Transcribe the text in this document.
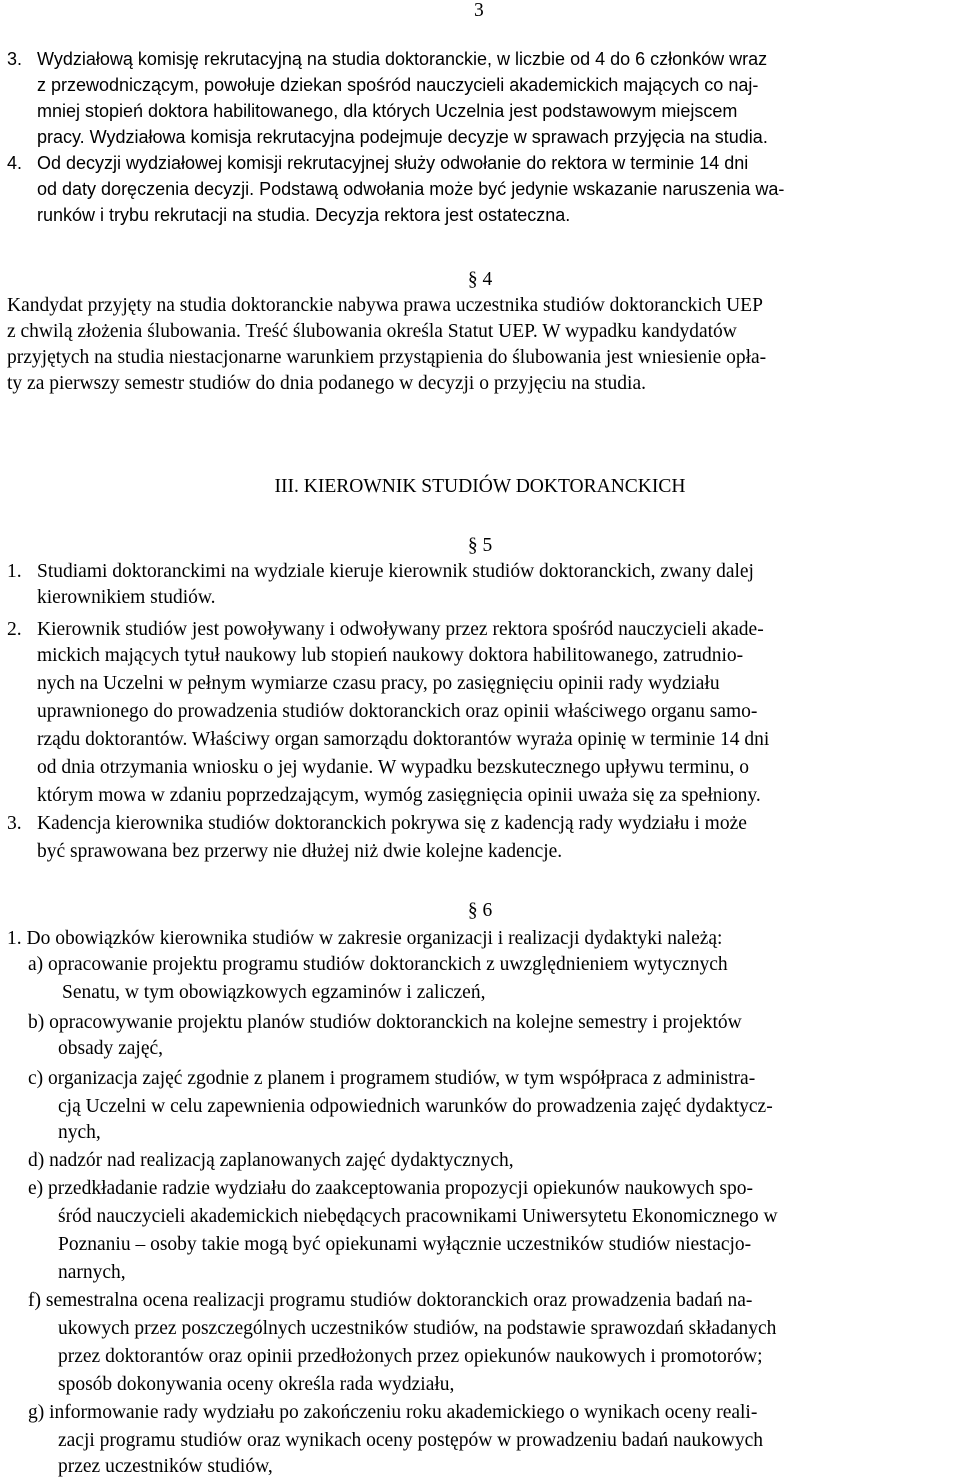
3
3. Wydziałową komisję rekrutacyjną na studia doktoranckie, w liczbie od 4 do 6 członków wraz
z przewodniczącym, powołuje dziekan spośród nauczycieli akademickich mających co naj-
mniej stopień doktora habilitowanego, dla których Uczelnia jest podstawowym miejscem
pracy. Wydziałowa komisja rekrutacyjna podejmuje decyzje w sprawach przyjęcia na studia.
4. Od decyzji wydziałowej komisji rekrutacyjnej służy odwołanie do rektora w terminie 14 dni
od daty doręczenia decyzji. Podstawą odwołania może być jedynie wskazanie naruszenia wa-
runków i trybu rekrutacji na studia. Decyzja rektora jest ostateczna.
§ 4
Kandydat przyjęty na studia doktoranckie nabywa prawa uczestnika studiów doktoranckich UEP
z chwilą złożenia ślubowania. Treść ślubowania określa Statut UEP. W wypadku kandydatów
przyjętych na studia niestacjonarne warunkiem przystąpienia do ślubowania jest wniesienie opła-
ty za pierwszy semestr studiów do dnia podanego w decyzji o przyjęciu na studia.
III. KIEROWNIK STUDIÓW DOKTORANCKICH
§ 5
1. Studiami doktoranckimi na wydziale kieruje kierownik studiów doktoranckich, zwany dalej
kierownikiem studiów.
2. Kierownik studiów jest powoływany i odwoływany przez rektora spośród nauczycieli akade-
mickich mających tytuł naukowy lub stopień naukowy doktora habilitowanego, zatrudnio-
nych na Uczelni w pełnym wymiarze czasu pracy, po zasięgnięciu opinii rady wydziału
uprawnionego do prowadzenia studiów doktoranckich oraz opinii właściwego organu samo-
rządu doktorantów. Właściwy organ samorządu doktorantów wyraża opinię w terminie 14 dni
od dnia otrzymania wniosku o jej wydanie. W wypadku bezskutecznego upływu terminu, o
którym mowa w zdaniu poprzedzającym, wymóg zasięgnięcia opinii uważa się za spełniony.
3. Kadencja kierownika studiów doktoranckich pokrywa się z kadencją rady wydziału i może
być sprawowana bez przerwy nie dłużej niż dwie kolejne kadencje.
§ 6
1. Do obowiązków kierownika studiów w zakresie organizacji i realizacji dydaktyki należą:
a) opracowanie projektu programu studiów doktoranckich z uwzględnieniem wytycznych
Senatu, w tym obowiązkowych egzaminów i zaliczeń,
b) opracowywanie projektu planów studiów doktoranckich na kolejne semestry i projektów
obsady zajęć,
c) organizacja zajęć zgodnie z planem i programem studiów, w tym współpraca z administra-
cją Uczelni w celu zapewnienia odpowiednich warunków do prowadzenia zajęć dydaktycz-
nych,
d) nadzór nad realizacją zaplanowanych zajęć dydaktycznych,
e) przedkładanie radzie wydziału do zaakceptowania propozycji opiekunów naukowych spo-
śród nauczycieli akademickich niebędących pracownikami Uniwersytetu Ekonomicznego w
Poznaniu – osoby takie mogą być opiekunami wyłącznie uczestników studiów niestacjo-
narnych,
f) semestralna ocena realizacji programu studiów doktoranckich oraz prowadzenia badań na-
ukowych przez poszczególnych uczestników studiów, na podstawie sprawozdań składanych
przez doktorantów oraz opinii przedłożonych przez opiekunów naukowych i promotorów;
sposób dokonywania oceny określa rada wydziału,
g) informowanie rady wydziału po zakończeniu roku akademickiego o wynikach oceny reali-
zacji programu studiów oraz wynikach oceny postępów w prowadzeniu badań naukowych
przez uczestników studiów,
